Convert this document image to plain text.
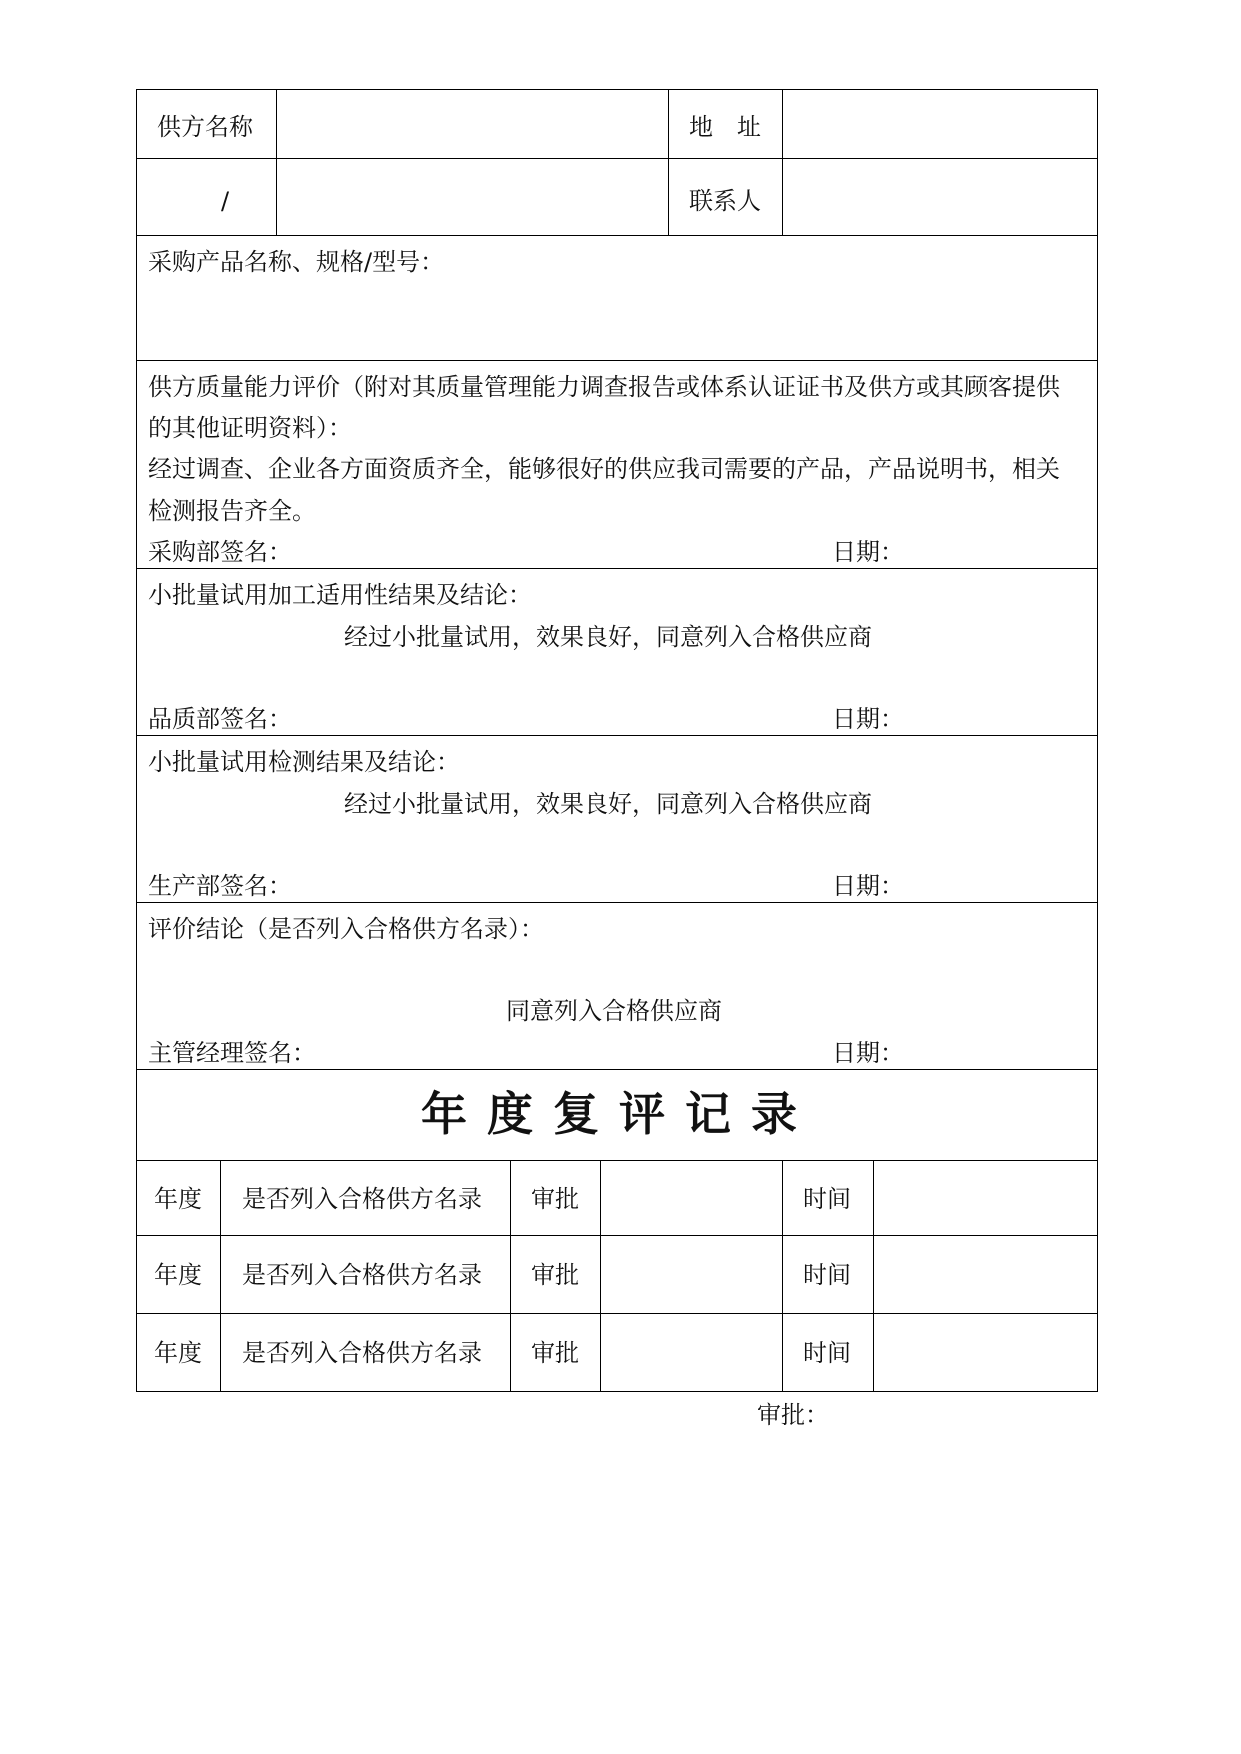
供方名称	地　址
/	联系人
采购产品名称、规格/型号：
供方质量能力评价（附对其质量管理能力调查报告或体系认证证书及供方或其顾客提供
的其他证明资料）：
经过调查、企业各方面资质齐全，能够很好的供应我司需要的产品，产品说明书，相关
检测报告齐全。
采购部签名：	日期：
小批量试用加工适用性结果及结论：
经过小批量试用，效果良好，同意列入合格供应商
品质部签名：	日期：
小批量试用检测结果及结论：
经过小批量试用，效果良好，同意列入合格供应商
生产部签名：	日期：
评价结论（是否列入合格供方名录）：
同意列入合格供应商
主管经理签名：	日期：
年度复评记录
年度 是否列入合格供方名录 审批	时间
年度 是否列入合格供方名录 审批	时间
年度 是否列入合格供方名录 审批	时间
审批：
